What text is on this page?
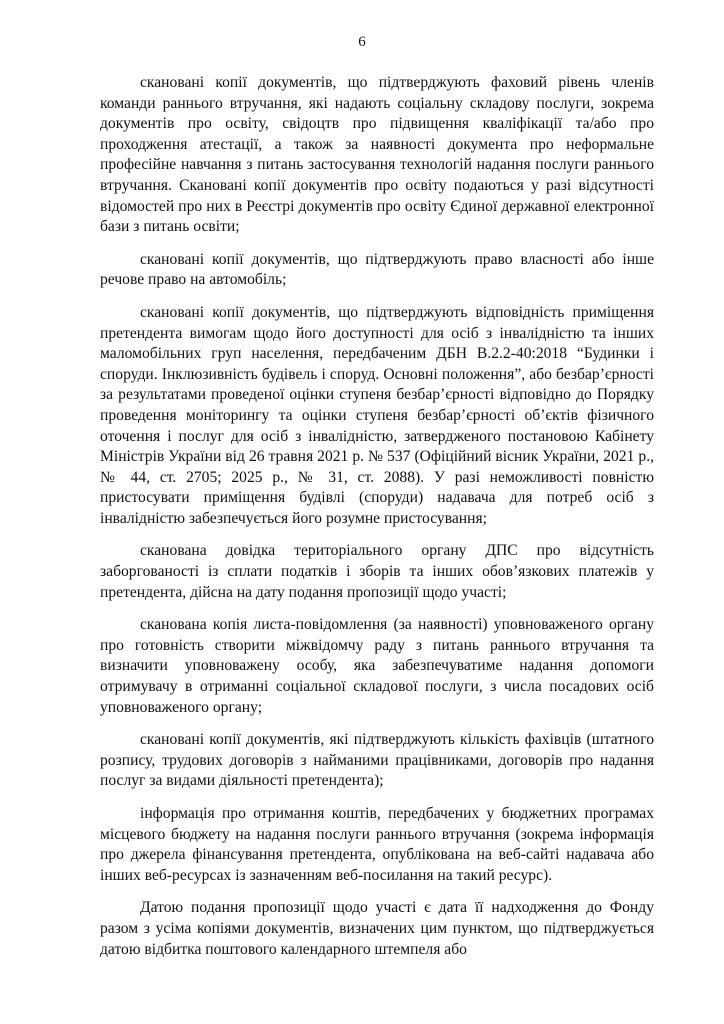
6

скановані копії документів, що підтверджують фаховий рівень членів команди раннього втручання, які надають соціальну складову послуги, зокрема документів про освіту, свідоцтв про підвищення кваліфікації та/або про проходження атестації, а також за наявності документа про неформальне професійне навчання з питань застосування технологій надання послуги раннього втручання. Скановані копії документів про освіту подаються у разі відсутності відомостей про них в Реєстрі документів про освіту Єдиної державної електронної бази з питань освіти;

скановані копії документів, що підтверджують право власності або інше речове право на автомобіль;

скановані копії документів, що підтверджують відповідність приміщення претендента вимогам щодо його доступності для осіб з інвалідністю та інших маломобільних груп населення, передбаченим ДБН В.2.2-40:2018 “Будинки і споруди. Інклюзивність будівель і споруд. Основні положення”, або безбар’єрності за результатами проведеної оцінки ступеня безбар’єрності відповідно до Порядку проведення моніторингу та оцінки ступеня безбар’єрності об’єктів фізичного оточення і послуг для осіб з інвалідністю, затвердженого постановою Кабінету Міністрів України від 26 травня 2021 р. № 537 (Офіційний вісник України, 2021 р., № 44, ст. 2705; 2025 р., № 31, ст. 2088). У разі неможливості повністю пристосувати приміщення будівлі (споруди) надавача для потреб осіб з інвалідністю забезпечується його розумне пристосування;

сканована довідка територіального органу ДПС про відсутність заборгованості із сплати податків і зборів та інших обов’язкових платежів у претендента, дійсна на дату подання пропозиції щодо участі;

сканована копія листа-повідомлення (за наявності) уповноваженого органу про готовність створити міжвідомчу раду з питань раннього втручання та визначити уповноважену особу, яка забезпечуватиме надання допомоги отримувачу в отриманні соціальної складової послуги, з числа посадових осіб уповноваженого органу;

скановані копії документів, які підтверджують кількість фахівців (штатного розпису, трудових договорів з найманими працівниками, договорів про надання послуг за видами діяльності претендента);

інформація про отримання коштів, передбачених у бюджетних програмах місцевого бюджету на надання послуги раннього втручання (зокрема інформація про джерела фінансування претендента, опублікована на веб-сайті надавача або інших веб-ресурсах із зазначенням веб-посилання на такий ресурс).

Датою подання пропозиції щодо участі є дата її надходження до Фонду разом з усіма копіями документів, визначених цим пунктом, що підтверджується датою відбитка поштового календарного штемпеля або
